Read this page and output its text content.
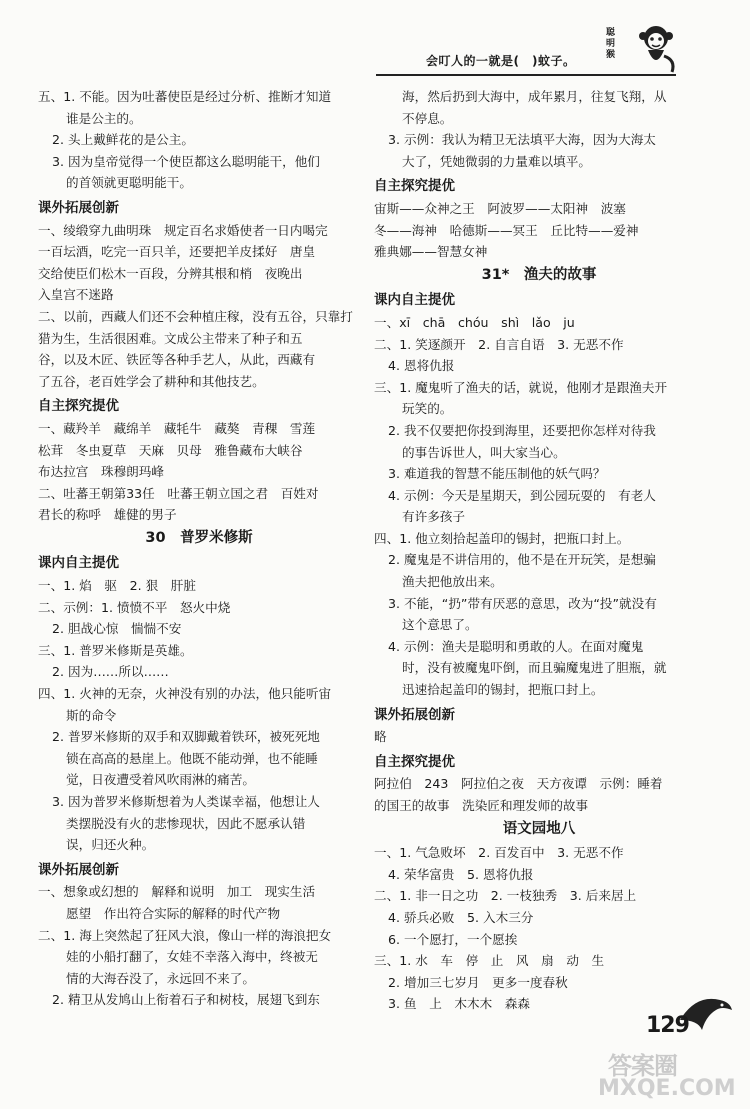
会叮人的一就是(　)蚊子。
聪明猴
五、1. 不能。因为吐蕃使臣是经过分析、推断才知道
谁是公主的。
2. 头上戴鲜花的是公主。
3. 因为皇帝觉得一个使臣都这么聪明能干，他们
的首领就更聪明能干。
课外拓展创新
一、绫缎穿九曲明珠　规定百名求婚使者一日内喝完
一百坛酒，吃完一百只羊，还要把羊皮揉好　唐皇
交给使臣们松木一百段，分辨其根和梢　夜晚出
入皇宫不迷路
二、以前，西藏人们还不会种植庄稼，没有五谷，只靠打
猎为生，生活很困难。文成公主带来了种子和五
谷，以及木匠、铁匠等各种手艺人，从此，西藏有
了五谷，老百姓学会了耕种和其他技艺。
自主探究提优
一、藏羚羊　藏绵羊　藏牦牛　藏獒　青稞　雪莲
松茸　冬虫夏草　天麻　贝母　雅鲁藏布大峡谷
布达拉宫　珠穆朗玛峰
二、吐蕃王朝第33任　吐蕃王朝立国之君　百姓对
君长的称呼　雄健的男子
30　普罗米修斯
课内自主提优
一、1. 焰　驱　2. 狠　肝脏
二、示例：1. 愤愤不平　怒火中烧
2. 胆战心惊　惴惴不安
三、1. 普罗米修斯是英雄。
2. 因为……所以……
四、1. 火神的无奈，火神没有别的办法，他只能听宙
斯的命令
2. 普罗米修斯的双手和双脚戴着铁环，被死死地
锁在高高的悬崖上。他既不能动弹，也不能睡
觉，日夜遭受着风吹雨淋的痛苦。
3. 因为普罗米修斯想着为人类谋幸福，他想让人
类摆脱没有火的悲惨现状，因此不愿承认错
误，归还火种。
课外拓展创新
一、想象或幻想的　解释和说明　加工　现实生活
愿望　作出符合实际的解释的时代产物
二、1. 海上突然起了狂风大浪，像山一样的海浪把女
娃的小船打翻了，女娃不幸落入海中，终被无
情的大海吞没了，永远回不来了。
2. 精卫从发鸠山上衔着石子和树枝，展翅飞到东
海，然后扔到大海中，成年累月，往复飞翔，从
不停息。
3. 示例：我认为精卫无法填平大海，因为大海太
大了，凭她微弱的力量难以填平。
自主探究提优
宙斯——众神之王　阿波罗——太阳神　波塞
冬——海神　哈德斯——冥王　丘比特——爱神
雅典娜——智慧女神
31*　渔夫的故事
课内自主提优
一、xī　chā　chóu　shì　lǎo　ju
二、1. 笑逐颜开　2. 自言自语　3. 无恶不作
4. 恩将仇报
三、1. 魔鬼听了渔夫的话，就说，他刚才是跟渔夫开
玩笑的。
2. 我不仅要把你投到海里，还要把你怎样对待我
的事告诉世人，叫大家当心。
3. 难道我的智慧不能压制他的妖气吗？
4. 示例：今天是星期天，到公园玩耍的　有老人
有许多孩子
四、1. 他立刻拾起盖印的锡封，把瓶口封上。
2. 魔鬼是不讲信用的，他不是在开玩笑，是想骗
渔夫把他放出来。
3. 不能，“扔”带有厌恶的意思，改为“投”就没有
这个意思了。
4. 示例：渔夫是聪明和勇敢的人。在面对魔鬼
时，没有被魔鬼吓倒，而且骗魔鬼进了胆瓶，就
迅速拾起盖印的锡封，把瓶口封上。
课外拓展创新
略
自主探究提优
阿拉伯　243　阿拉伯之夜　天方夜谭　示例：睡着
的国王的故事　洗染匠和理发师的故事
语文园地八
一、1. 气急败坏　2. 百发百中　3. 无恶不作
4. 荣华富贵　5. 恩将仇报
二、1. 非一日之功　2. 一枝独秀　3. 后来居上
4. 骄兵必败　5. 入木三分
6. 一个愿打，一个愿挨
三、1. 水　车　停　止　风　扇　动　生
2. 增加三七岁月　更多一度春秋
3. 鱼　上　木木木　森森
129
答案圈
MXQE.COM
